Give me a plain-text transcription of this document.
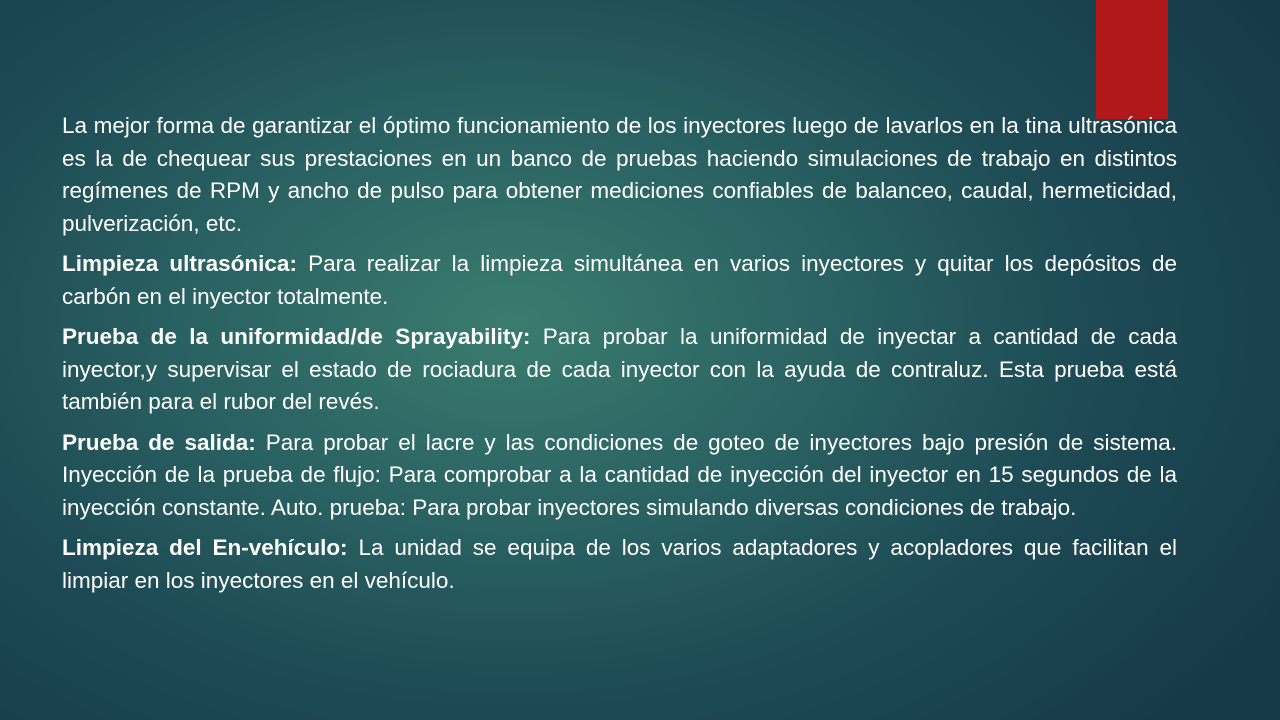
La mejor forma de garantizar el óptimo funcionamiento de los inyectores luego de lavarlos en la tina ultrasónica es la de chequear sus prestaciones en un banco de pruebas haciendo simulaciones de trabajo en distintos regímenes de RPM y ancho de pulso para obtener mediciones confiables de balanceo, caudal, hermeticidad, pulverización, etc.

Limpieza ultrasónica: Para realizar la limpieza simultánea en varios inyectores y quitar los depósitos de carbón en el inyector totalmente.

Prueba de la uniformidad/de Sprayability: Para probar la uniformidad de inyectar a cantidad de cada inyector,y supervisar el estado de rociadura de cada inyector con la ayuda de contraluz. Esta prueba está también para el rubor del revés.

Prueba de salida: Para probar el lacre y las condiciones de goteo de inyectores bajo presión de sistema. Inyección de la prueba de flujo: Para comprobar a la cantidad de inyección del inyector en 15 segundos de la inyección constante. Auto. prueba: Para probar inyectores simulando diversas condiciones de trabajo.

Limpieza del En-vehículo: La unidad se equipa de los varios adaptadores y acopladores que facilitan el limpiar en los inyectores en el vehículo.
